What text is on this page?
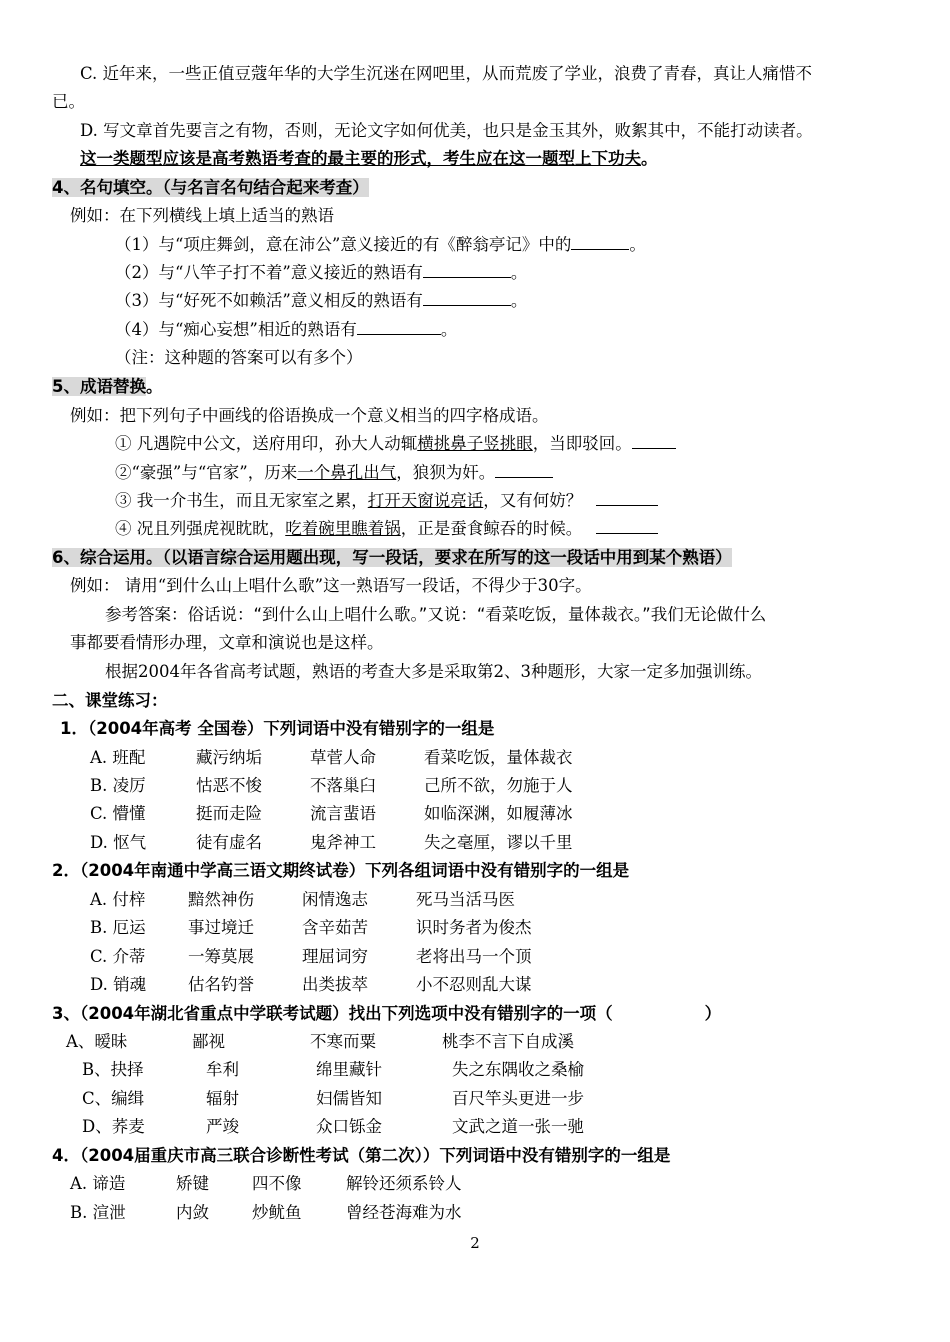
C. 近年来，一些正值豆蔻年华的大学生沉迷在网吧里，从而荒废了学业，浪费了青春，真让人痛惜不
已。
D. 写文章首先要言之有物，否则，无论文字如何优美，也只是金玉其外，败絮其中，不能打动读者。
这一类题型应该是高考熟语考查的最主要的形式，考生应在这一题型上下功夫。
4、名句填空。（与名言名句结合起来考查）
例如：在下列横线上填上适当的熟语
（1）与“项庄舞剑，意在沛公”意义接近的有《醉翁亭记》中的	。
（2）与“八竿子打不着”意义接近的熟语有	。
（3）与“好死不如赖活”意义相反的熟语有	。
（4）与“痴心妄想”相近的熟语有	。
（注：这种题的答案可以有多个）
5、成语替换。
例如：把下列句子中画线的俗语换成一个意义相当的四字格成语。
① 凡遇院中公文，送府用印，孙大人动辄横挑鼻子竖挑眼，当即驳回。
②“豪强”与“官家”，历来一个鼻孔出气，狼狈为奸。
③ 我一介书生，而且无家室之累，打开天窗说亮话，又有何妨？
④ 况且列强虎视眈眈，吃着碗里瞧着锅，正是蚕食鲸吞的时候。
6、综合运用。（以语言综合运用题出现，写一段话，要求在所写的这一段话中用到某个熟语）
例如： 请用“到什么山上唱什么歌”这一熟语写一段话，不得少于30字。
参考答案：俗话说：“到什么山上唱什么歌。”又说：“看菜吃饭，量体裁衣。”我们无论做什么
事都要看情形办理，文章和演说也是这样。
根据2004年各省高考试题，熟语的考查大多是采取第2、3种题形，大家一定多加强训练。
二、课堂练习：
1．（2004年高考 全国卷）下列词语中没有错别字的一组是
A. 班配	藏污纳垢	草菅人命	看菜吃饭，量体裁衣
B. 凌厉	怙恶不悛	不落巢臼	己所不欲，勿施于人
C. 懵懂	挺而走险	流言蜚语	如临深渊，如履薄冰
D. 怄气	徒有虚名	鬼斧神工	失之毫厘，谬以千里
2．（2004年南通中学高三语文期终试卷）下列各组词语中没有错别字的一组是
A. 付梓	黯然神伤	闲情逸志	死马当活马医
B. 厄运	事过境迁	含辛茹苦	识时务者为俊杰
C. 介蒂	一筹莫展	理屈词穷	老将出马一个顶
D. 销魂	估名钓誉	出类拔萃	小不忍则乱大谋
3、（2004年湖北省重点中学联考试题）找出下列选项中没有错别字的一项（	）
A、暧昧	鄙视	不寒而粟	桃李不言下自成溪
B、抉择	牟利	绵里藏针	失之东隅收之桑榆
C、编缉	辐射	妇儒皆知	百尺竿头更进一步
D、荞麦	严竣	众口铄金	文武之道一张一驰
4．（2004届重庆市高三联合诊断性考试（第二次））下列词语中没有错别字的一组是
A. 谛造	矫键	四不像	解铃还须系铃人
B. 渲泄	内敛	炒鱿鱼	曾经苍海难为水
2
